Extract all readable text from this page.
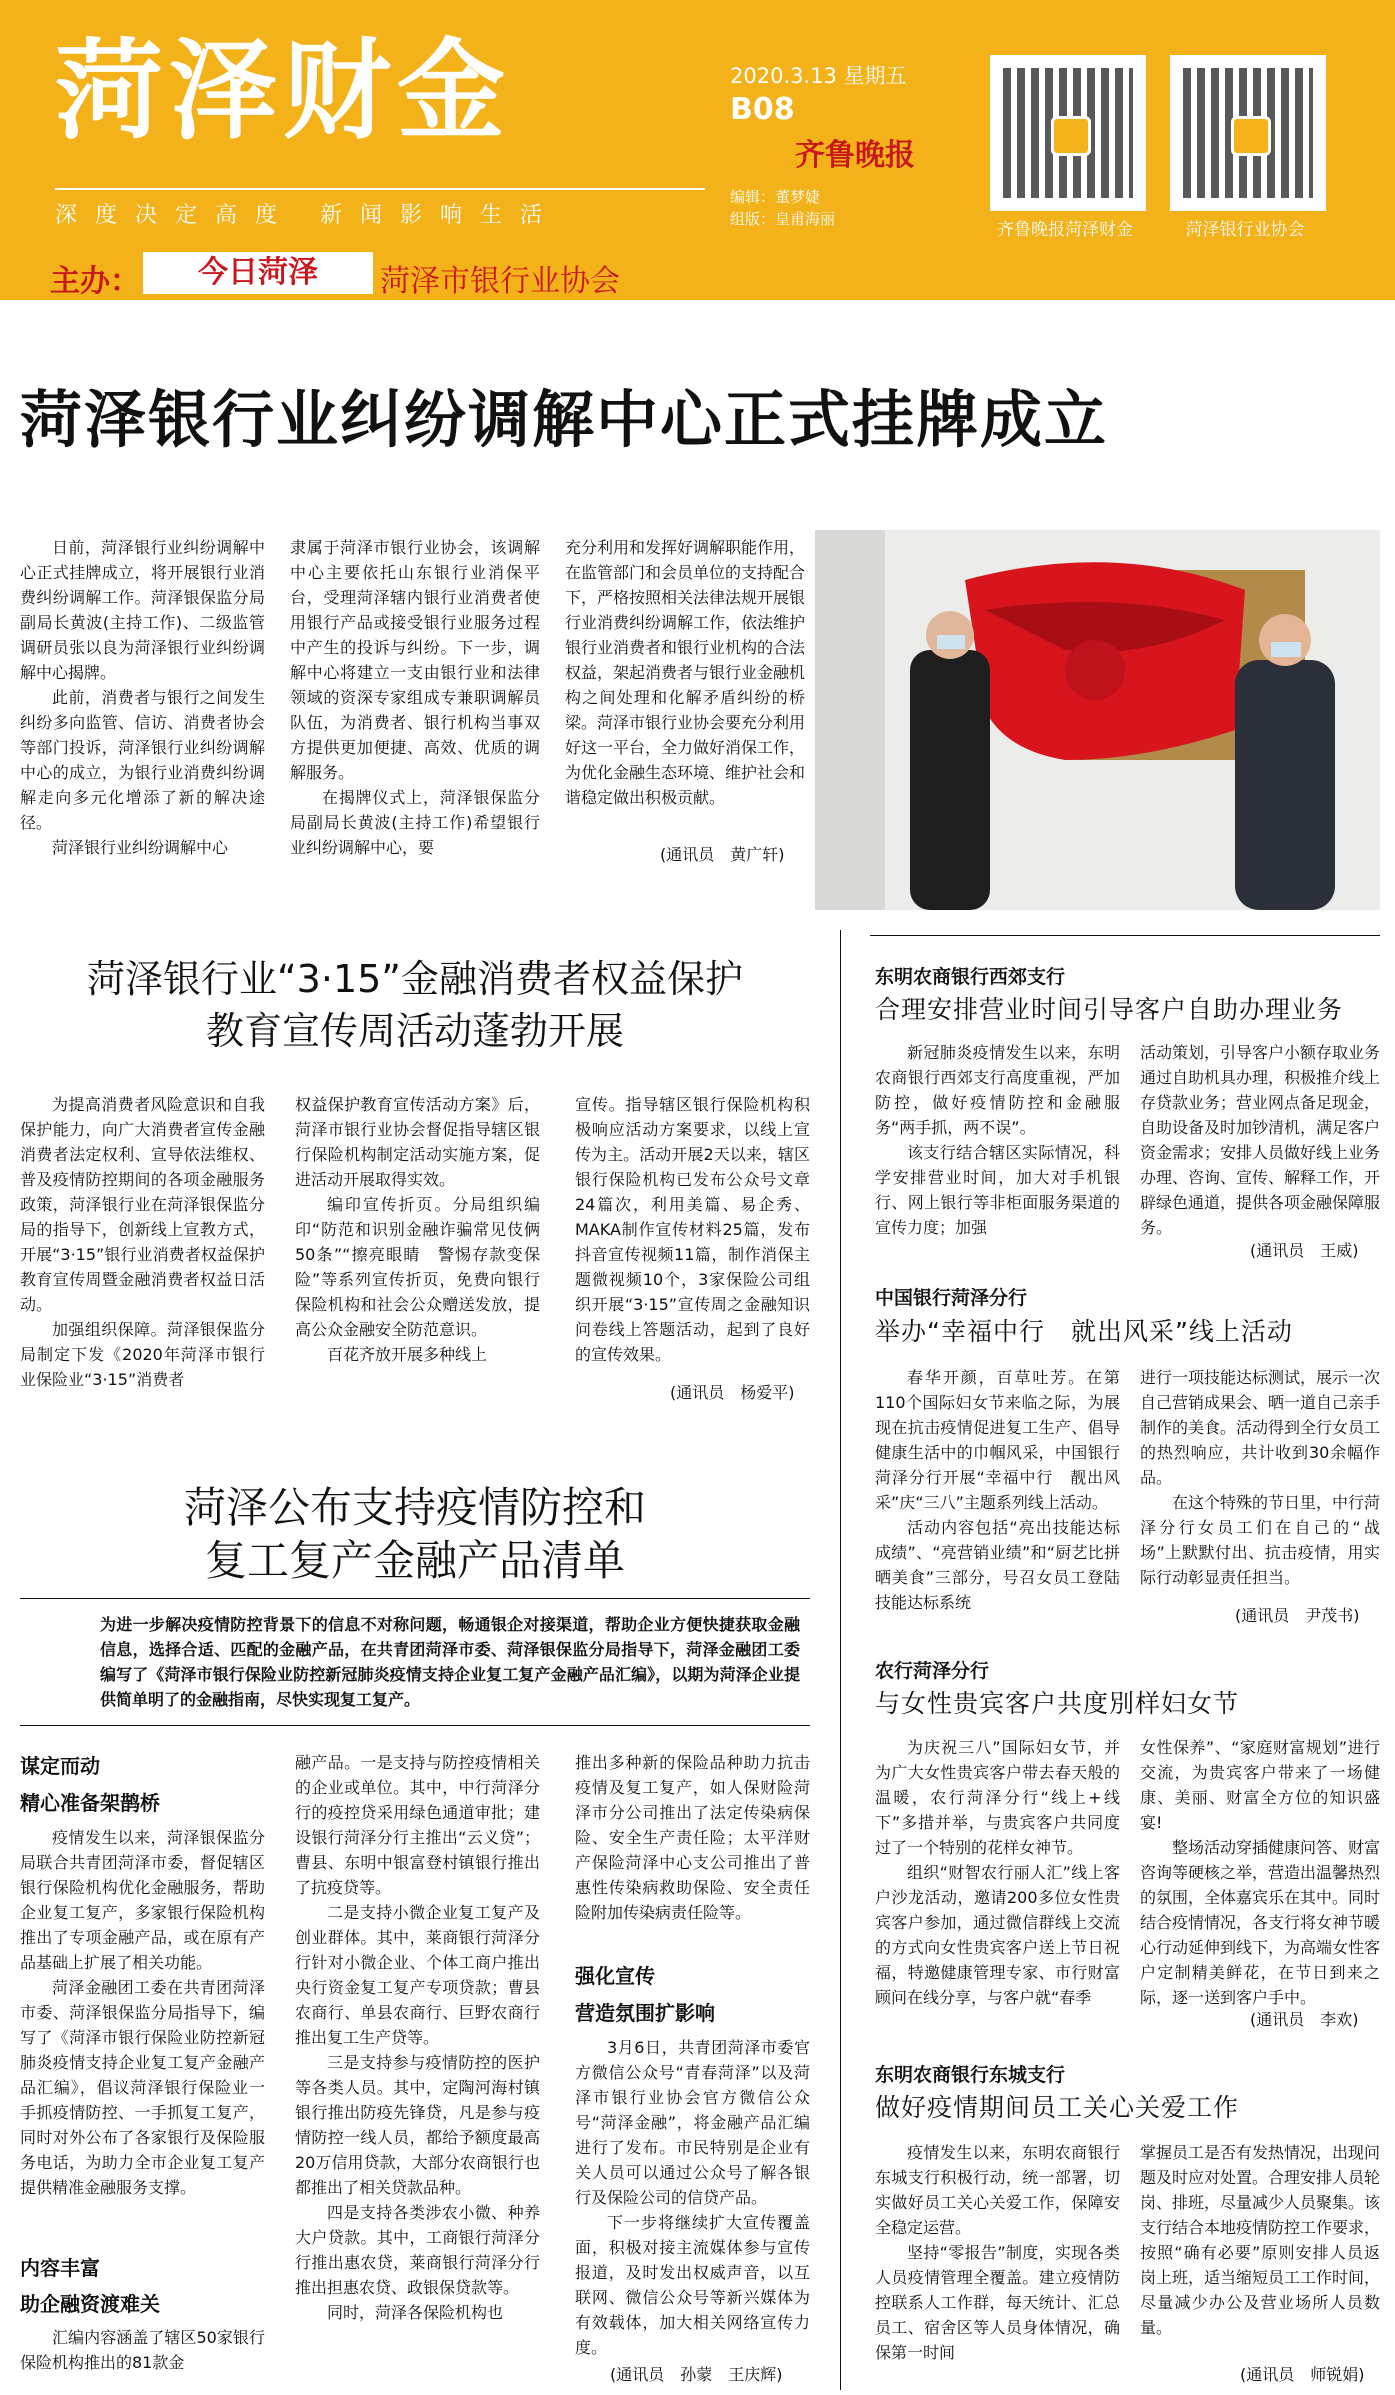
菏泽财金
深度决定高度 新闻影响生活
主办：	今日菏泽	菏泽市银行业协会
2020.3.13 星期五
B08
齐鲁晚报
编辑：董梦婕
组版：皇甫海丽
齐鲁晚报菏泽财金	菏泽银行业协会
菏泽银行业纠纷调解中心正式挂牌成立

日前，菏泽银行业纠纷调解中心正式挂牌成立，将开展银行业消费纠纷调解工作。菏泽银保监分局副局长黄波(主持工作)、二级监管调研员张以良为菏泽银行业纠纷调解中心揭牌。

此前，消费者与银行之间发生纠纷多向监管、信访、消费者协会等部门投诉，菏泽银行业纠纷调解中心的成立，为银行业消费纠纷调解走向多元化增添了新的解决途径。

菏泽银行业纠纷调解中心

隶属于菏泽市银行业协会，该调解中心主要依托山东银行业消保平台，受理菏泽辖内银行业消费者使用银行产品或接受银行业服务过程中产生的投诉与纠纷。下一步，调解中心将建立一支由银行业和法律领域的资深专家组成专兼职调解员队伍，为消费者、银行机构当事双方提供更加便捷、高效、优质的调解服务。

在揭牌仪式上，菏泽银保监分局副局长黄波(主持工作)希望银行业纠纷调解中心，要

充分利用和发挥好调解职能作用，在监管部门和会员单位的支持配合下，严格按照相关法律法规开展银行业消费纠纷调解工作，依法维护银行业消费者和银行业机构的合法权益，架起消费者与银行业金融机构之间处理和化解矛盾纠纷的桥梁。菏泽市银行业协会要充分利用好这一平台，全力做好消保工作，为优化金融生态环境、维护社会和谐稳定做出积极贡献。

(通讯员　黄广轩)
菏泽银行业“3·15”金融消费者权益保护
教育宣传周活动蓬勃开展

为提高消费者风险意识和自我保护能力，向广大消费者宣传金融消费者法定权利、宣导依法维权、普及疫情防控期间的各项金融服务政策，菏泽银行业在菏泽银保监分局的指导下，创新线上宣教方式，开展“3·15”银行业消费者权益保护教育宣传周暨金融消费者权益日活动。

加强组织保障。菏泽银保监分局制定下发《2020年菏泽市银行业保险业“3·15”消费者

权益保护教育宣传活动方案》后，菏泽市银行业协会督促指导辖区银行保险机构制定活动实施方案，促进活动开展取得实效。

编印宣传折页。分局组织编印“防范和识别金融诈骗常见伎俩50条”“擦亮眼睛　警惕存款变保险”等系列宣传折页，免费向银行保险机构和社会公众赠送发放，提高公众金融安全防范意识。

百花齐放开展多种线上

宣传。指导辖区银行保险机构积极响应活动方案要求，以线上宣传为主。活动开展2天以来，辖区银行保险机构已发布公众号文章24篇次，利用美篇、易企秀、MAKA制作宣传材料25篇，发布抖音宣传视频11篇，制作消保主题微视频10个，3家保险公司组织开展“3·15”宣传周之金融知识问卷线上答题活动，起到了良好的宣传效果。

(通讯员　杨爱平)
菏泽公布支持疫情防控和
复工复产金融产品清单
为进一步解决疫情防控背景下的信息不对称问题，畅通银企对接渠道，帮助企业方便快捷获取金融信息，选择合适、匹配的金融产品，在共青团菏泽市委、菏泽银保监分局指导下，菏泽金融团工委编写了《菏泽市银行保险业防控新冠肺炎疫情支持企业复工复产金融产品汇编》，以期为菏泽企业提供简单明了的金融指南，尽快实现复工复产。
谋定而动
精心准备架鹊桥

疫情发生以来，菏泽银保监分局联合共青团菏泽市委，督促辖区银行保险机构优化金融服务，帮助企业复工复产，多家银行保险机构推出了专项金融产品，或在原有产品基础上扩展了相关功能。

菏泽金融团工委在共青团菏泽市委、菏泽银保监分局指导下，编写了《菏泽市银行保险业防控新冠肺炎疫情支持企业复工复产金融产品汇编》，倡议菏泽银行保险业一手抓疫情防控、一手抓复工复产，同时对外公布了各家银行及保险服务电话，为助力全市企业复工复产提供精准金融服务支撑。

内容丰富
助企融资渡难关

汇编内容涵盖了辖区50家银行保险机构推出的81款金

融产品。一是支持与防控疫情相关的企业或单位。其中，中行菏泽分行的疫控贷采用绿色通道审批；建设银行菏泽分行主推出“云义贷”；曹县、东明中银富登村镇银行推出了抗疫贷等。

二是支持小微企业复工复产及创业群体。其中，莱商银行菏泽分行针对小微企业、个体工商户推出央行资金复工复产专项贷款；曹县农商行、单县农商行、巨野农商行推出复工生产贷等。

三是支持参与疫情防控的医护等各类人员。其中，定陶河海村镇银行推出防疫先锋贷，凡是参与疫情防控一线人员，都给予额度最高20万信用贷款，大部分农商银行也都推出了相关贷款品种。

四是支持各类涉农小微、种养大户贷款。其中，工商银行菏泽分行推出惠农贷，莱商银行菏泽分行推出担惠农贷、政银保贷款等。

同时，菏泽各保险机构也

推出多种新的保险品种助力抗击疫情及复工复产，如人保财险菏泽市分公司推出了法定传染病保险、安全生产责任险；太平洋财产保险菏泽中心支公司推出了普惠性传染病救助保险、安全责任险附加传染病责任险等。

强化宣传
营造氛围扩影响

3月6日，共青团菏泽市委官方微信公众号“青春菏泽”以及菏泽市银行业协会官方微信公众号“菏泽金融”，将金融产品汇编进行了发布。市民特别是企业有关人员可以通过公众号了解各银行及保险公司的信贷产品。

下一步将继续扩大宣传覆盖面，积极对接主流媒体参与宣传报道，及时发出权威声音，以互联网、微信公众号等新兴媒体为有效载体，加大相关网络宣传力度。

(通讯员　孙蒙　王庆辉)
东明农商银行西郊支行
合理安排营业时间引导客户自助办理业务

新冠肺炎疫情发生以来，东明农商银行西郊支行高度重视，严加防控，做好疫情防控和金融服务“两手抓，两不误”。

该支行结合辖区实际情况，科学安排营业时间，加大对手机银行、网上银行等非柜面服务渠道的宣传力度；加强

活动策划，引导客户小额存取业务通过自助机具办理，积极推介线上存贷款业务；营业网点备足现金，自助设备及时加钞清机，满足客户资金需求；安排人员做好线上业务办理、咨询、宣传、解释工作，开辟绿色通道，提供各项金融保障服务。

(通讯员　王威)
中国银行菏泽分行
举办“幸福中行　就出风采”线上活动

春华开颜，百草吐芳。在第110个国际妇女节来临之际，为展现在抗击疫情促进复工生产、倡导健康生活中的巾帼风采，中国银行菏泽分行开展“幸福中行　靓出风采”庆“三八”主题系列线上活动。

活动内容包括“亮出技能达标成绩”、“亮营销业绩”和“厨艺比拼晒美食”三部分，号召女员工登陆技能达标系统

进行一项技能达标测试，展示一次自己营销成果会、晒一道自己亲手制作的美食。活动得到全行女员工的热烈响应，共计收到30余幅作品。

在这个特殊的节日里，中行菏泽分行女员工们在自己的“战场”上默默付出、抗击疫情，用实际行动彰显责任担当。

(通讯员　尹茂书)
农行菏泽分行
与女性贵宾客户共度別样妇女节

为庆祝三八”国际妇女节，并为广大女性贵宾客户带去春天般的温暖，农行菏泽分行“线上+线下”多措并举，与贵宾客户共同度过了一个特别的花样女神节。

组织“财智农行丽人汇”线上客户沙龙活动，邀请200多位女性贵宾客户参加，通过微信群线上交流的方式向女性贵宾客户送上节日祝福，特邀健康管理专家、市行财富顾问在线分享，与客户就“春季

女性保养”、“家庭财富规划”进行交流，为贵宾客户带来了一场健康、美丽、财富全方位的知识盛宴!

整场活动穿插健康问答、财富咨询等硬核之举，营造出温馨热烈的氛围，全体嘉宾乐在其中。同时结合疫情情况，各支行将女神节暖心行动延伸到线下，为高端女性客户定制精美鲜花，在节日到来之际，逐一送到客户手中。

(通讯员　李欢)
东明农商银行东城支行
做好疫情期间员工关心关爱工作

疫情发生以来，东明农商银行东城支行积极行动，统一部署，切实做好员工关心关爱工作，保障安全稳定运营。

坚持“零报告”制度，实现各类人员疫情管理全覆盖。建立疫情防控联系人工作群，每天统计、汇总员工、宿舍区等人员身体情况，确保第一时间

掌握员工是否有发热情况，出现问题及时应对处置。合理安排人员轮岗、排班，尽量减少人员聚集。该支行结合本地疫情防控工作要求，按照“确有必要”原则安排人员返岗上班，适当缩短员工工作时间，尽量减少办公及营业场所人员数量。

(通讯员　师锐娟)
